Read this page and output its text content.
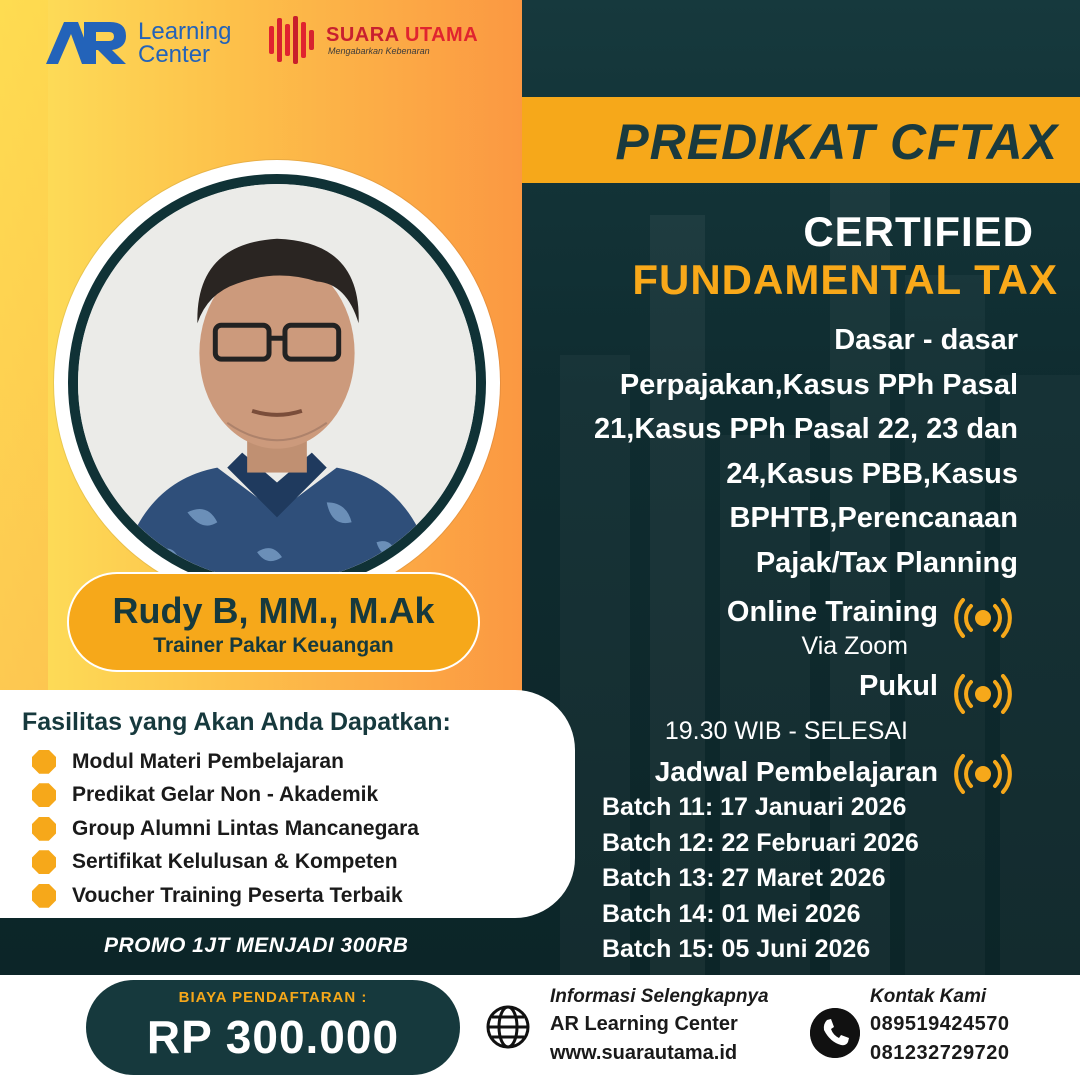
Learning
Center
SUARA UTAMA
Mengabarkan Kebenaran
PREDIKAT CFTAX
CERTIFIED
FUNDAMENTAL TAX
Dasar - dasar
Perpajakan,Kasus PPh Pasal
21,Kasus PPh Pasal 22, 23 dan
24,Kasus PBB,Kasus
BPHTB,Perencanaan
Pajak/Tax Planning
Online Training
Via Zoom
Pukul
19.30 WIB - SELESAI
Jadwal Pembelajaran
Batch 11: 17 Januari 2026
Batch 12: 22 Februari 2026
Batch 13: 27 Maret 2026
Batch 14: 01 Mei 2026
Batch 15: 05 Juni 2026
Rudy B, MM., M.Ak
Trainer Pakar Keuangan
Fasilitas yang Akan Anda Dapatkan:
Modul Materi Pembelajaran
Predikat Gelar Non - Akademik
Group Alumni Lintas Mancanegara
Sertifikat Kelulusan & Kompeten
Voucher Training Peserta Terbaik
PROMO 1JT MENJADI 300RB
BIAYA PENDAFTARAN :
RP 300.000
Informasi Selengkapnya
AR Learning Center
www.suarautama.id
Kontak Kami
089519424570
081232729720
